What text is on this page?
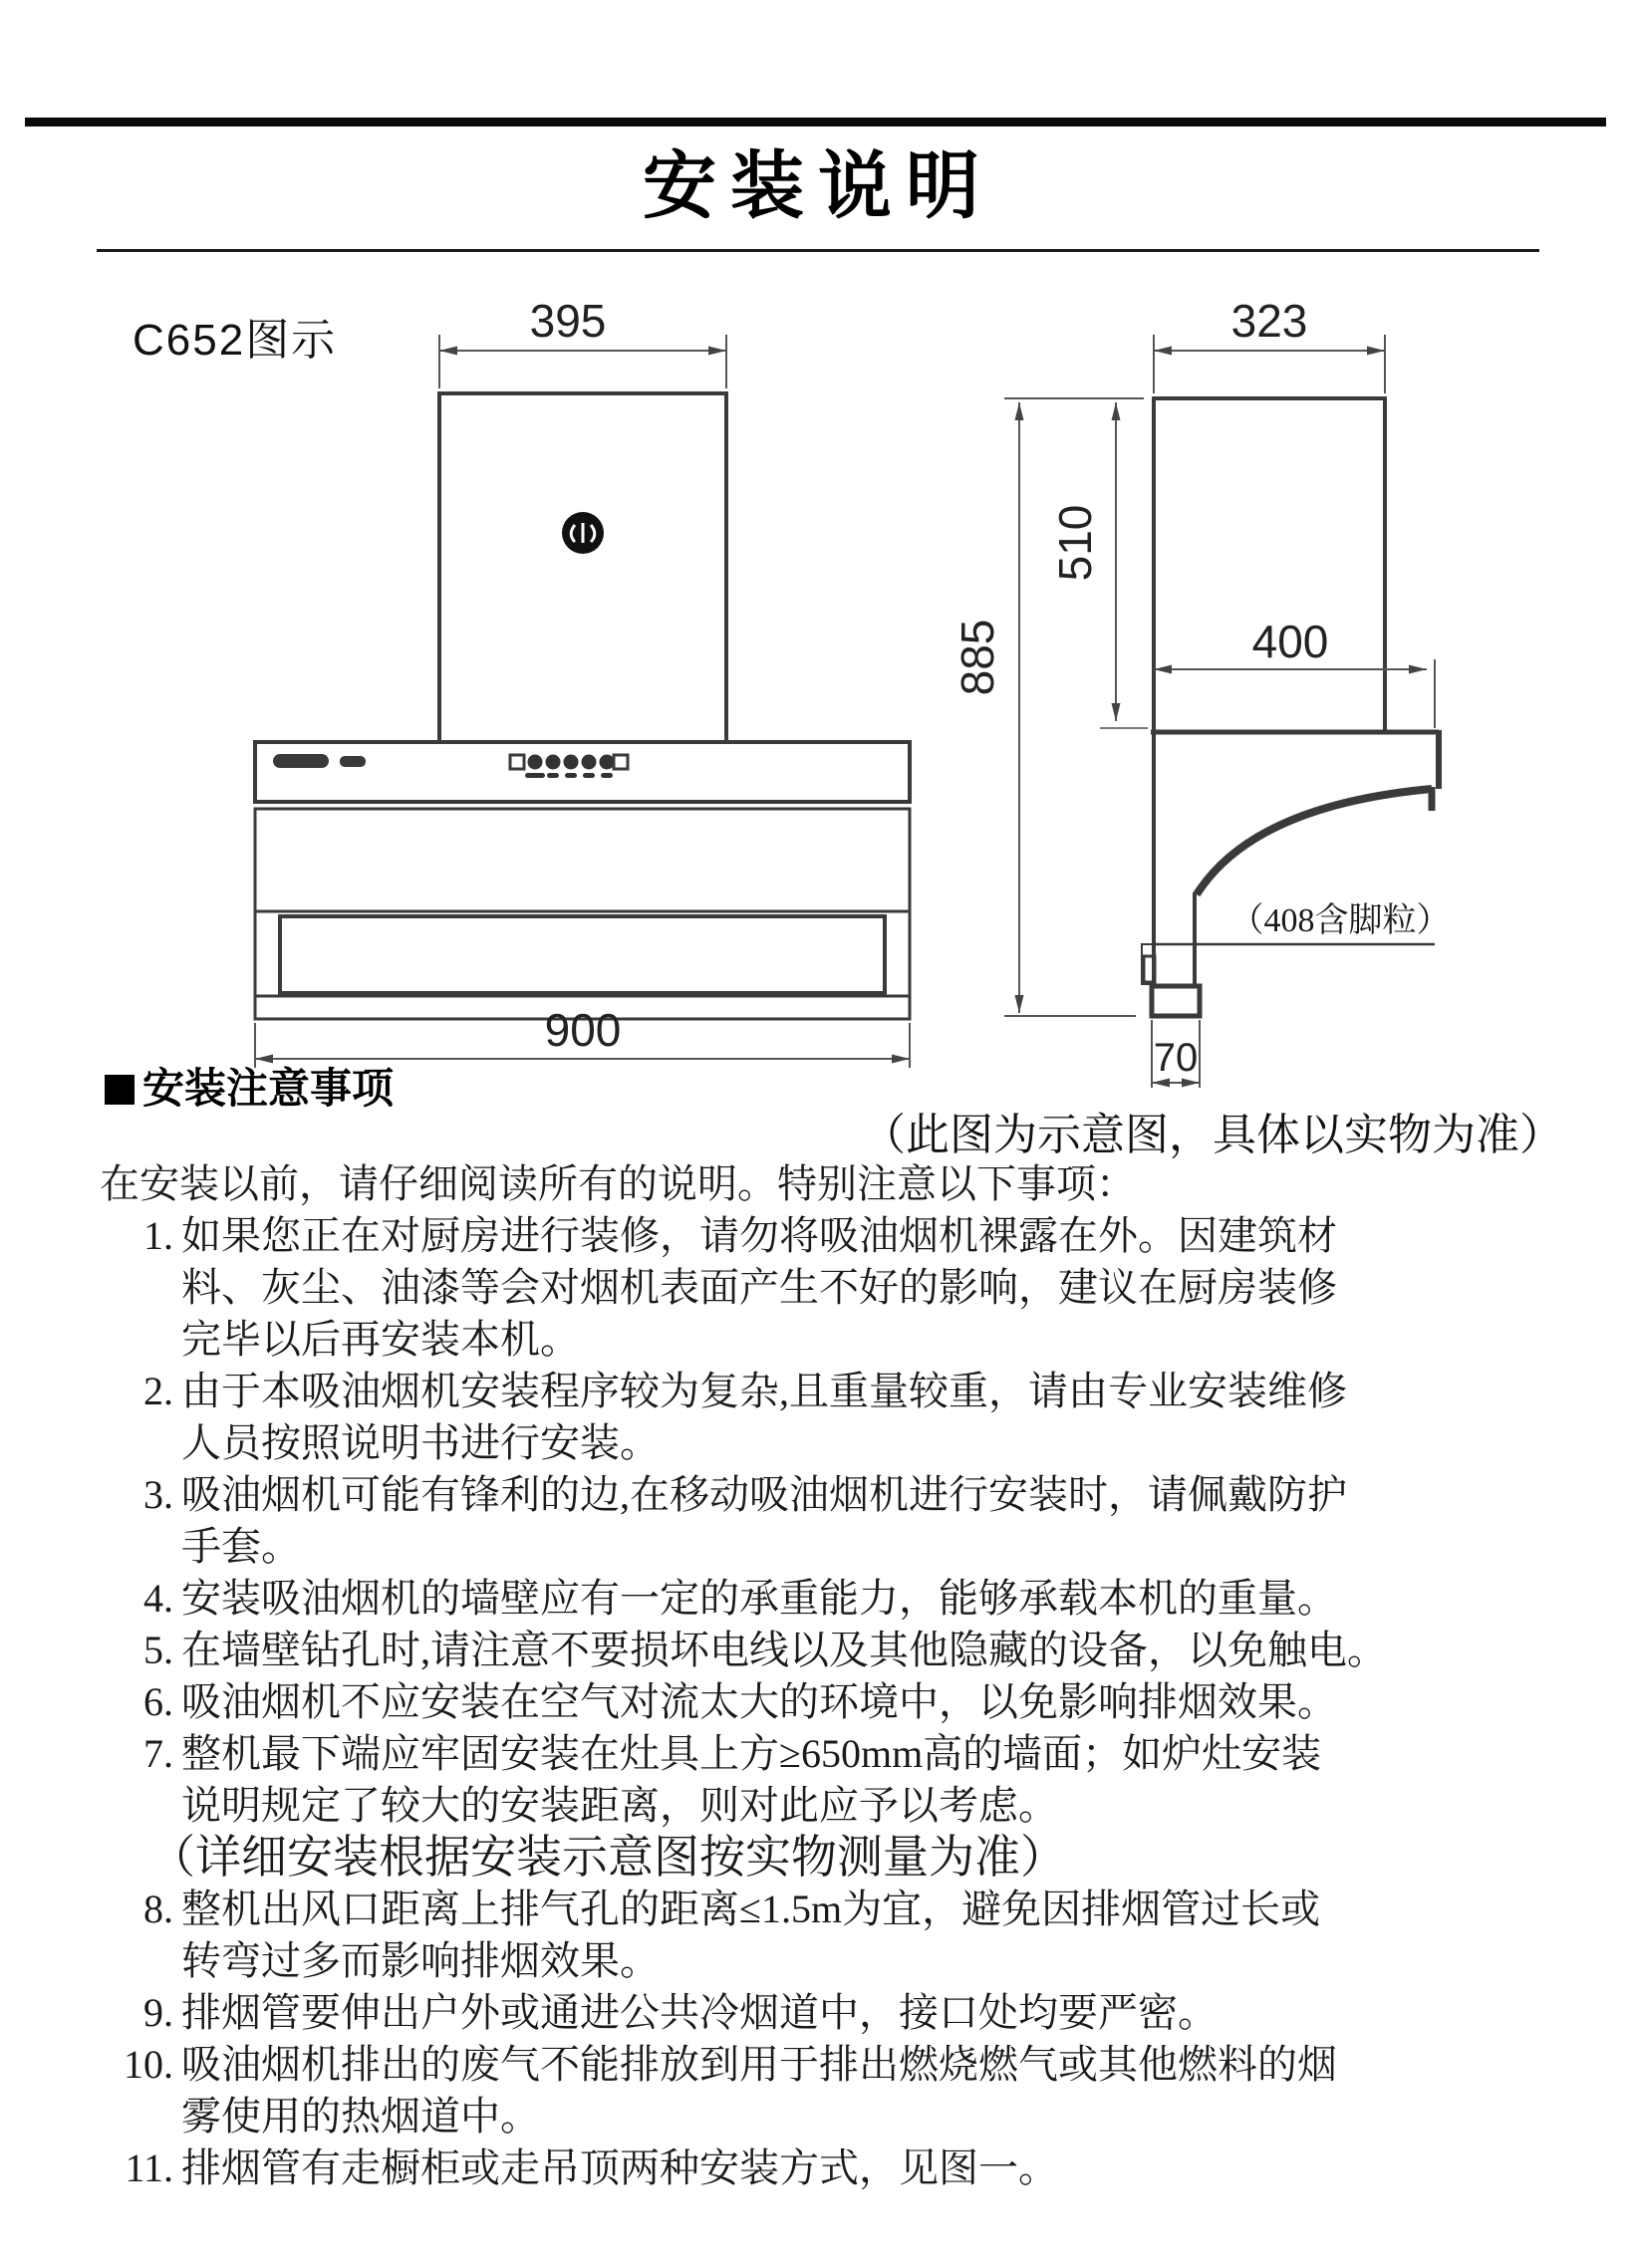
安装说明
C652图示	395
900
323
885
510
400
（408含脚粒）
70
（此图为示意图，具体以实物为准）
安装注意事项
在安装以前，请仔细阅读所有的说明。特别注意以下事项：
1. 如果您正在对厨房进行装修，请勿将吸油烟机裸露在外。因建筑材
料、灰尘、油漆等会对烟机表面产生不好的影响，建议在厨房装修
完毕以后再安装本机。
2. 由于本吸油烟机安装程序较为复杂,且重量较重，请由专业安装维修
人员按照说明书进行安装。
3. 吸油烟机可能有锋利的边,在移动吸油烟机进行安装时，请佩戴防护
手套。
4. 安装吸油烟机的墙壁应有一定的承重能力，能够承载本机的重量。
5. 在墙壁钻孔时,请注意不要损坏电线以及其他隐藏的设备，以免触电。
6. 吸油烟机不应安装在空气对流太大的环境中，以免影响排烟效果。
7. 整机最下端应牢固安装在灶具上方≥650mm高的墙面；如炉灶安装
说明规定了较大的安装距离，则对此应予以考虑。
（详细安装根据安装示意图按实物测量为准）
8. 整机出风口距离上排气孔的距离≤1.5m为宜，避免因排烟管过长或
转弯过多而影响排烟效果。
9. 排烟管要伸出户外或通进公共冷烟道中，接口处均要严密。
10. 吸油烟机排出的废气不能排放到用于排出燃烧燃气或其他燃料的烟
雾使用的热烟道中。
11. 排烟管有走橱柜或走吊顶两种安装方式，见图一。
